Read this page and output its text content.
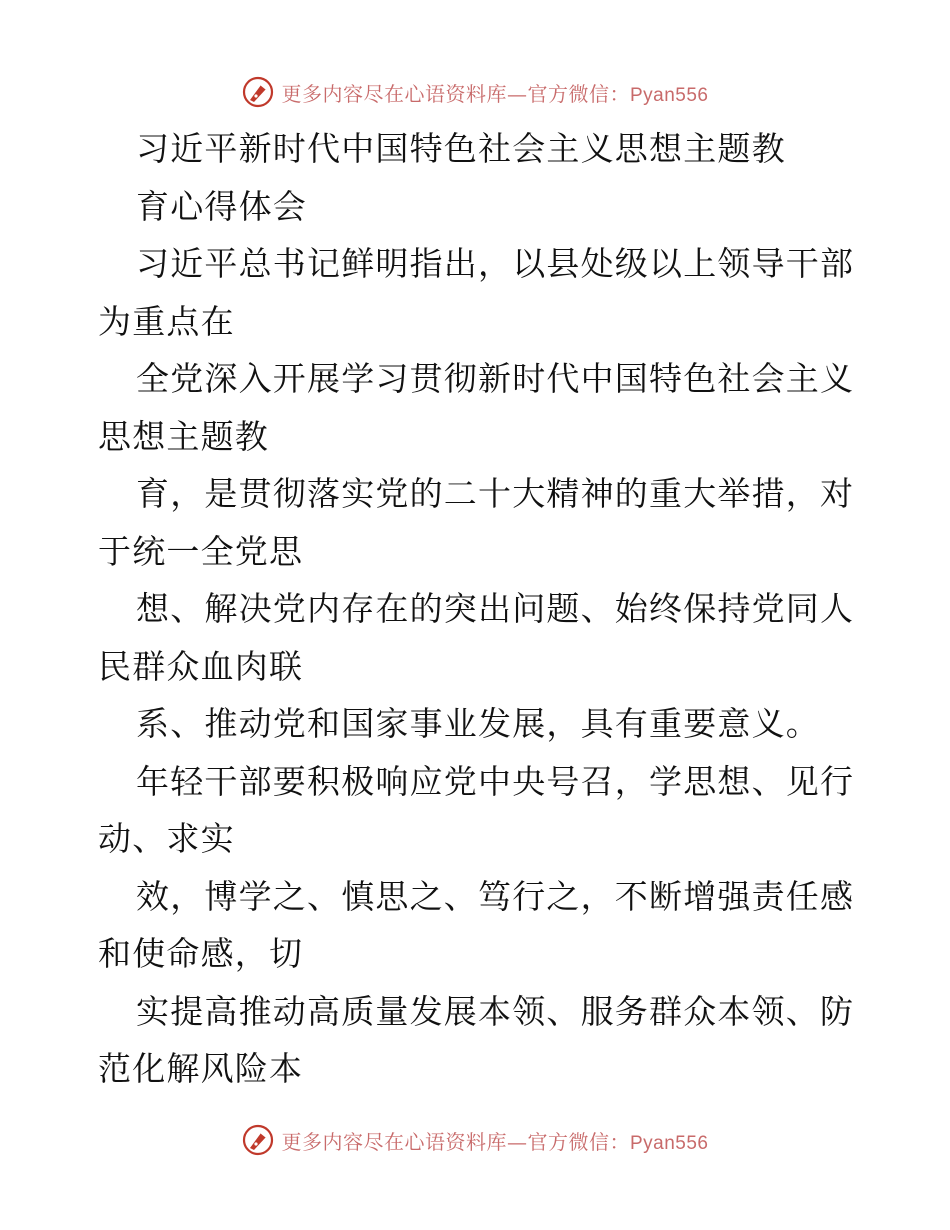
更多内容尽在心语资料库—官方微信：Pyan556
习近平新时代中国特色社会主义思想主题教
育心得体会
习近平总书记鲜明指出，以县处级以上领导干部
为重点在
全党深入开展学习贯彻新时代中国特色社会主义
思想主题教
育，是贯彻落实党的二十大精神的重大举措，对
于统一全党思
想、解决党内存在的突出问题、始终保持党同人
民群众血肉联
系、推动党和国家事业发展，具有重要意义。
年轻干部要积极响应党中央号召，学思想、见行
动、求实
效，博学之、慎思之、笃行之，不断增强责任感
和使命感，切
实提高推动高质量发展本领、服务群众本领、防
范化解风险本
更多内容尽在心语资料库—官方微信：Pyan556
